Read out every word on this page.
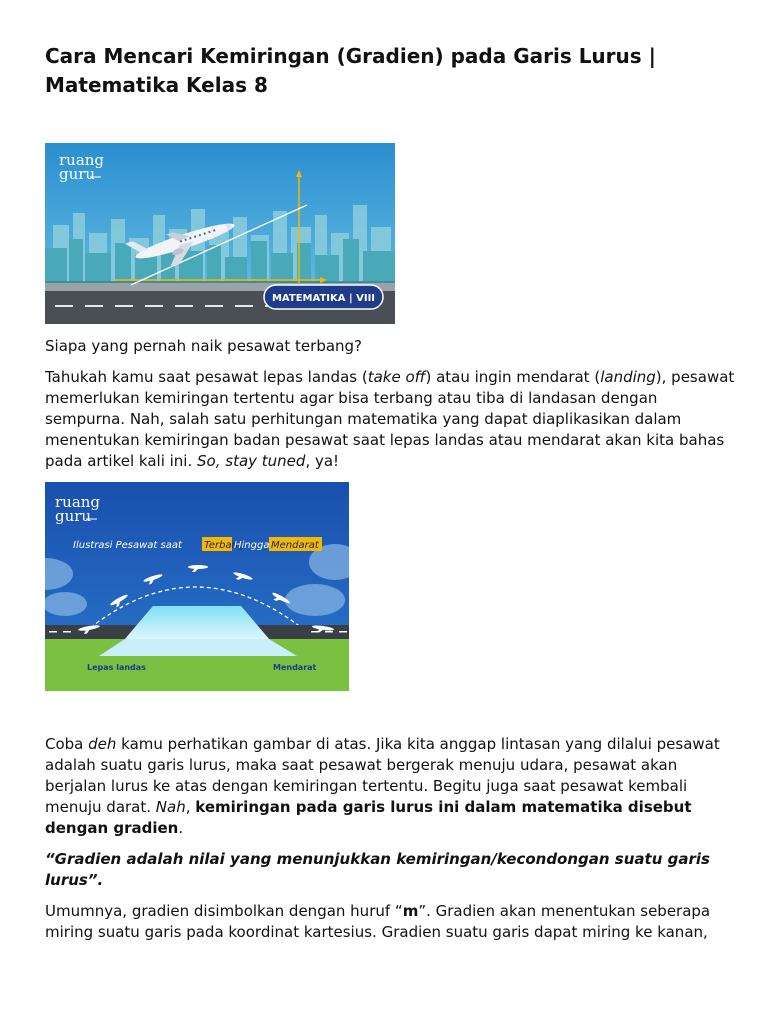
Cara Mencari Kemiringan (Gradien) pada Garis Lurus | Matematika Kelas 8
ruang
guru
MATEMATIKA | VIII

Siapa yang pernah naik pesawat terbang?

Tahukah kamu saat pesawat lepas landas (take off) atau ingin mendarat (landing), pesawat memerlukan kemiringan tertentu agar bisa terbang atau tiba di landasan dengan sempurna. Nah, salah satu perhitungan matematika yang dapat diaplikasikan dalam menentukan kemiringan badan pesawat saat lepas landas atau mendarat akan kita bahas pada artikel kali ini. So, stay tuned, ya!

ruang
guru
Ilustrasi Pesawat saat Terbang
Hingga Mendarat
Lepas landas	Mendarat

Coba deh kamu perhatikan gambar di atas. Jika kita anggap lintasan yang dilalui pesawat adalah suatu garis lurus, maka saat pesawat bergerak menuju udara, pesawat akan berjalan lurus ke atas dengan kemiringan tertentu. Begitu juga saat pesawat kembali menuju darat. Nah, kemiringan pada garis lurus ini dalam matematika disebut dengan gradien.

“Gradien adalah nilai yang menunjukkan kemiringan/kecondongan suatu garis lurus”.

Umumnya, gradien disimbolkan dengan huruf “m”. Gradien akan menentukan seberapa miring suatu garis pada koordinat kartesius. Gradien suatu garis dapat miring ke kanan,
